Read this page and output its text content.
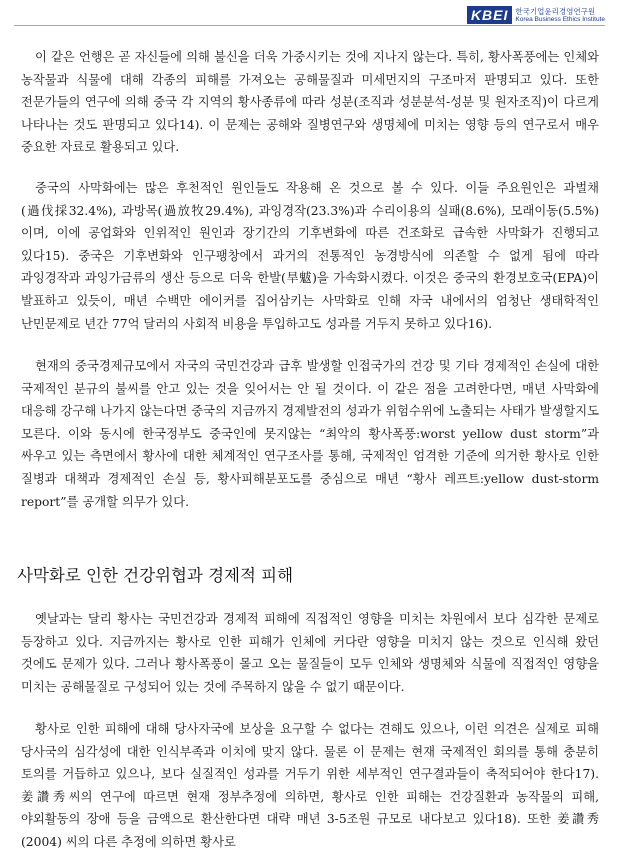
KBEI 한국기업윤리경영연구원
Korea Business Ethics Institute

이 같은 언행은 곧 자신들에 의해 불신을 더욱 가중시키는 것에 지나지 않는다. 특히, 황사폭풍에는 인체와 농작물과 식물에 대해 각종의 피해를 가져오는 공해물질과 미세먼지의 구조마저 판명되고 있다. 또한 전문가들의 연구에 의해 중국 각 지역의 황사종류에 따라 성분(조직과 성분분석-성분 및 원자조직)이 다르게 나타나는 것도 판명되고 있다14). 이 문제는 공해와 질병연구와 생명체에 미치는 영향 등의 연구로서 매우 중요한 자료로 활용되고 있다.

중국의 사막화에는 많은 후천적인 원인들도 작용해 온 것으로 볼 수 있다. 이들 주요원인은 과벌채(過伐採32.4%), 과방목(過放牧29.4%), 과잉경작(23.3%)과 수리이용의 실패(8.6%), 모래이동(5.5%)이며, 이에 공업화와 인위적인 원인과 장기간의 기후변화에 따른 건조화로 급속한 사막화가 진행되고 있다15). 중국은 기후변화와 인구팽창에서 과거의 전통적인 농경방식에 의존할 수 없게 됨에 따라 과잉경작과 과잉가금류의 생산 등으로 더욱 한발(旱魃)을 가속화시켰다. 이것은 중국의 환경보호국(EPA)이 발표하고 있듯이, 매년 수백만 에이커를 집어삼키는 사막화로 인해 자국 내에서의 엄청난 생태학적인 난민문제로 년간 77억 달러의 사회적 비용을 투입하고도 성과를 거두지 못하고 있다16).

현재의 중국경제규모에서 자국의 국민건강과 급후 발생할 인접국가의 건강 및 기타 경제적인 손실에 대한 국제적인 분규의 불씨를 안고 있는 것을 잊어서는 안 될 것이다. 이 같은 점을 고려한다면, 매년 사막화에 대응해 강구해 나가지 않는다면 중국의 지금까지 경제발전의 성과가 위험수위에 노출되는 사태가 발생할지도 모른다. 이와 동시에 한국정부도 중국인에 못지않는 “최악의 황사폭풍:worst yellow dust storm”과 싸우고 있는 측면에서 황사에 대한 체계적인 연구조사를 통해, 국제적인 엄격한 기준에 의거한 황사로 인한 질병과 대책과 경제적인 손실 등, 황사피해분포도를 중심으로 매년 “황사 레프트:yellow dust-storm report”를 공개할 의무가 있다.

사막화로 인한 건강위협과 경제적 피해

옛날과는 달리 황사는 국민건강과 경제적 피해에 직접적인 영향을 미치는 차원에서 보다 심각한 문제로 등장하고 있다. 지금까지는 황사로 인한 피해가 인체에 커다란 영향을 미치지 않는 것으로 인식해 왔던 것에도 문제가 있다. 그러나 황사폭풍이 몰고 오는 물질들이 모두 인체와 생명체와 식물에 직접적인 영향을 미치는 공해물질로 구성되어 있는 것에 주목하지 않을 수 없기 때문이다.

황사로 인한 피해에 대해 당사자국에 보상을 요구할 수 없다는 견해도 있으나, 이런 의견은 실제로 피해 당사국의 심각성에 대한 인식부족과 이치에 맞지 않다. 물론 이 문제는 현재 국제적인 회의를 통해 충분히 토의를 거듭하고 있으나, 보다 실질적인 성과를 거두기 위한 세부적인 연구결과들이 축적되어야 한다17). 姜讚秀씨의 연구에 따르면 현재 정부추정에 의하면, 황사로 인한 피해는 건강질환과 농작물의 피해, 야외활동의 장애 등을 금액으로 환산한다면 대략 매년 3-5조원 규모로 내다보고 있다18). 또한 姜讚秀(2004) 씨의 다른 추정에 의하면 황사로
